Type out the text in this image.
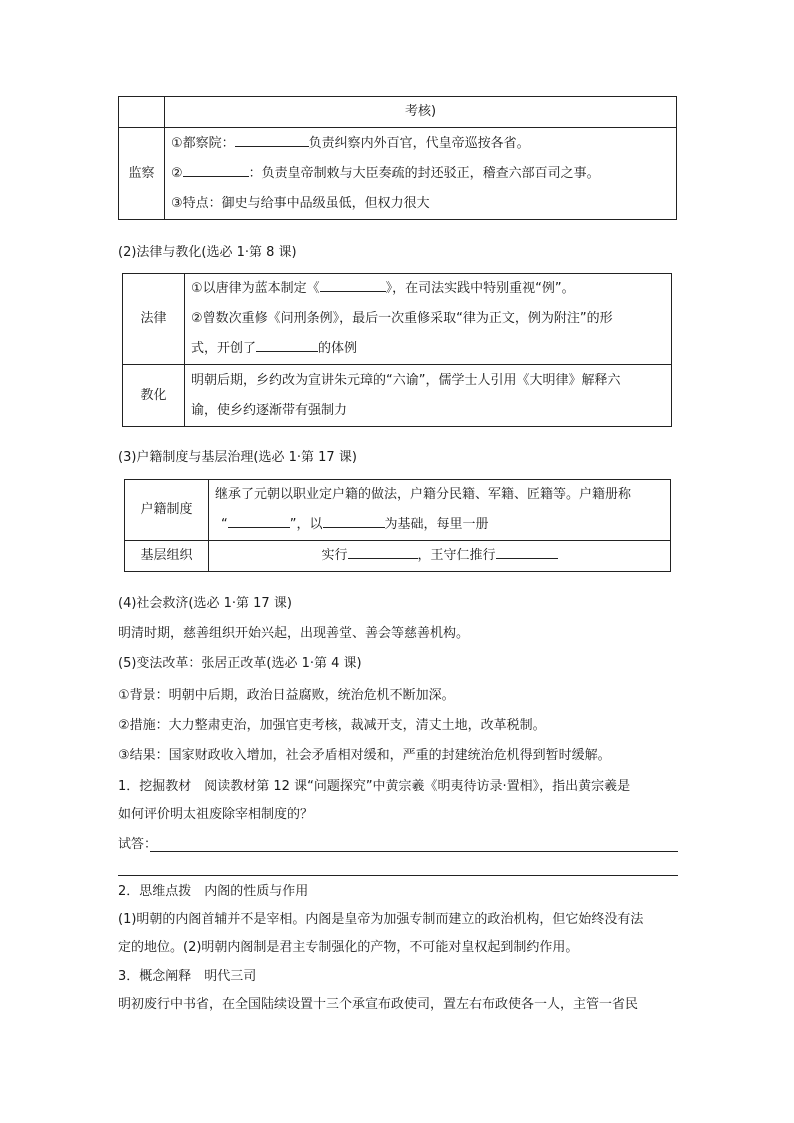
	考核)
监察	①都察院： 负责纠察内外百官，代皇帝巡按各省。
② ：负责皇帝制敕与大臣奏疏的封还驳正，稽查六部百司之事。
③特点：御史与给事中品级虽低，但权力很大
(2)法律与教化(选必 1·第 8 课)
法律	①以唐律为蓝本制定《 》，在司法实践中特别重视“例”。
②曾数次重修《问刑条例》，最后一次重修采取“律为正文，例为附注”的形
式，开创了 的体例

教化	明朝后期，乡约改为宣讲朱元璋的“六谕”，儒学士人引用《大明律》解释六
谕，使乡约逐渐带有强制力
(3)户籍制度与基层治理(选必 1·第 17 课)
户籍制度	继承了元朝以职业定户籍的做法，户籍分民籍、军籍、匠籍等。户籍册称
“ ”，以 为基础，每里一册

基层组织	实行 ，王守仁推行
(4)社会救济(选必 1·第 17 课)
明清时期，慈善组织开始兴起，出现善堂、善会等慈善机构。
(5)变法改革：张居正改革(选必 1·第 4 课)
①背景：明朝中后期，政治日益腐败，统治危机不断加深。
②措施：大力整肃吏治，加强官吏考核，裁减开支，清丈土地，改革税制。
③结果：国家财政收入增加，社会矛盾相对缓和，严重的封建统治危机得到暂时缓解。
1．挖掘教材　阅读教材第 12 课“问题探究”中黄宗羲《明夷待访录·置相》，指出黄宗羲是
如何评价明太祖废除宰相制度的？
试答：
2．思维点拨　内阁的性质与作用
(1)明朝的内阁首辅并不是宰相。内阁是皇帝为加强专制而建立的政治机构，但它始终没有法
定的地位。(2)明朝内阁制是君主专制强化的产物，不可能对皇权起到制约作用。
3．概念阐释　明代三司
明初废行中书省，在全国陆续设置十三个承宣布政使司，置左右布政使各一人，主管一省民
